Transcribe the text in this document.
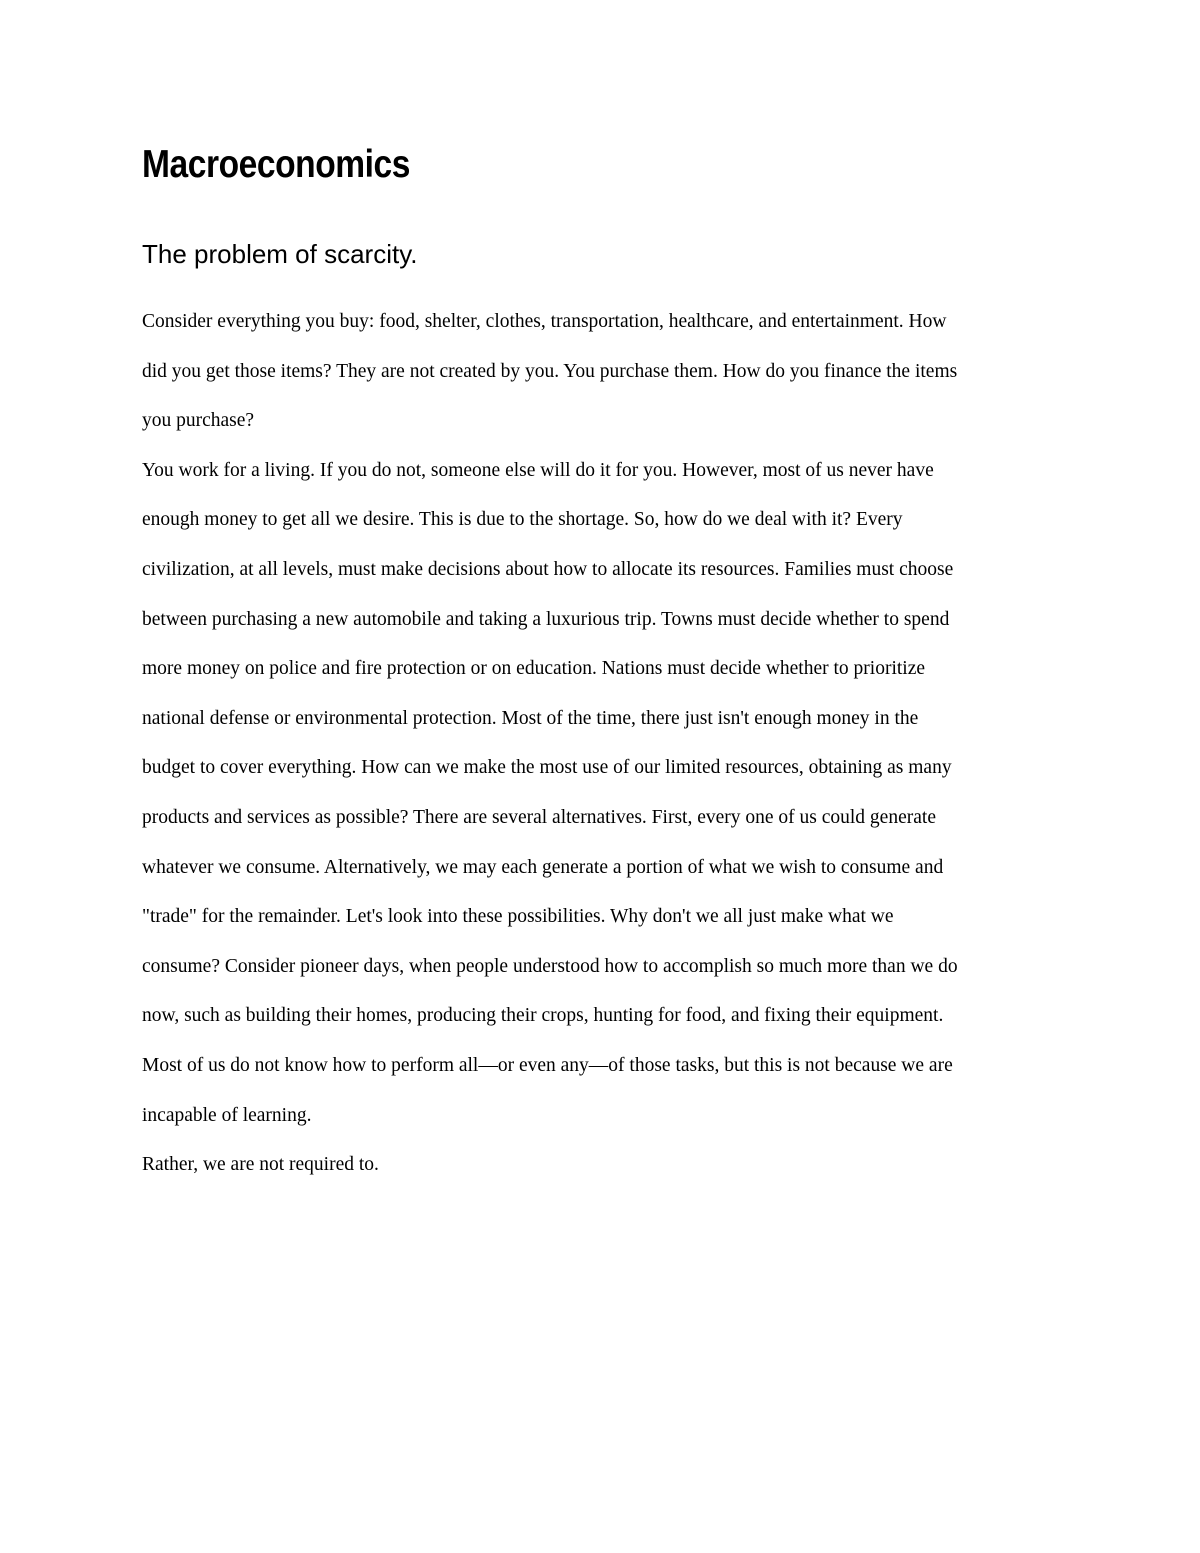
Macroeconomics
The problem of scarcity.

Consider everything you buy: food, shelter, clothes, transportation, healthcare, and entertainment. How

did you get those items? They are not created by you. You purchase them. How do you finance the items

you purchase?

You work for a living. If you do not, someone else will do it for you. However, most of us never have

enough money to get all we desire. This is due to the shortage. So, how do we deal with it? Every

civilization, at all levels, must make decisions about how to allocate its resources. Families must choose

between purchasing a new automobile and taking a luxurious trip. Towns must decide whether to spend

more money on police and fire protection or on education. Nations must decide whether to prioritize

national defense or environmental protection. Most of the time, there just isn't enough money in the

budget to cover everything. How can we make the most use of our limited resources, obtaining as many

products and services as possible? There are several alternatives. First, every one of us could generate

whatever we consume. Alternatively, we may each generate a portion of what we wish to consume and

"trade" for the remainder. Let's look into these possibilities. Why don't we all just make what we

consume? Consider pioneer days, when people understood how to accomplish so much more than we do

now, such as building their homes, producing their crops, hunting for food, and fixing their equipment.

Most of us do not know how to perform all—or even any—of those tasks, but this is not because we are

incapable of learning.

Rather, we are not required to.
